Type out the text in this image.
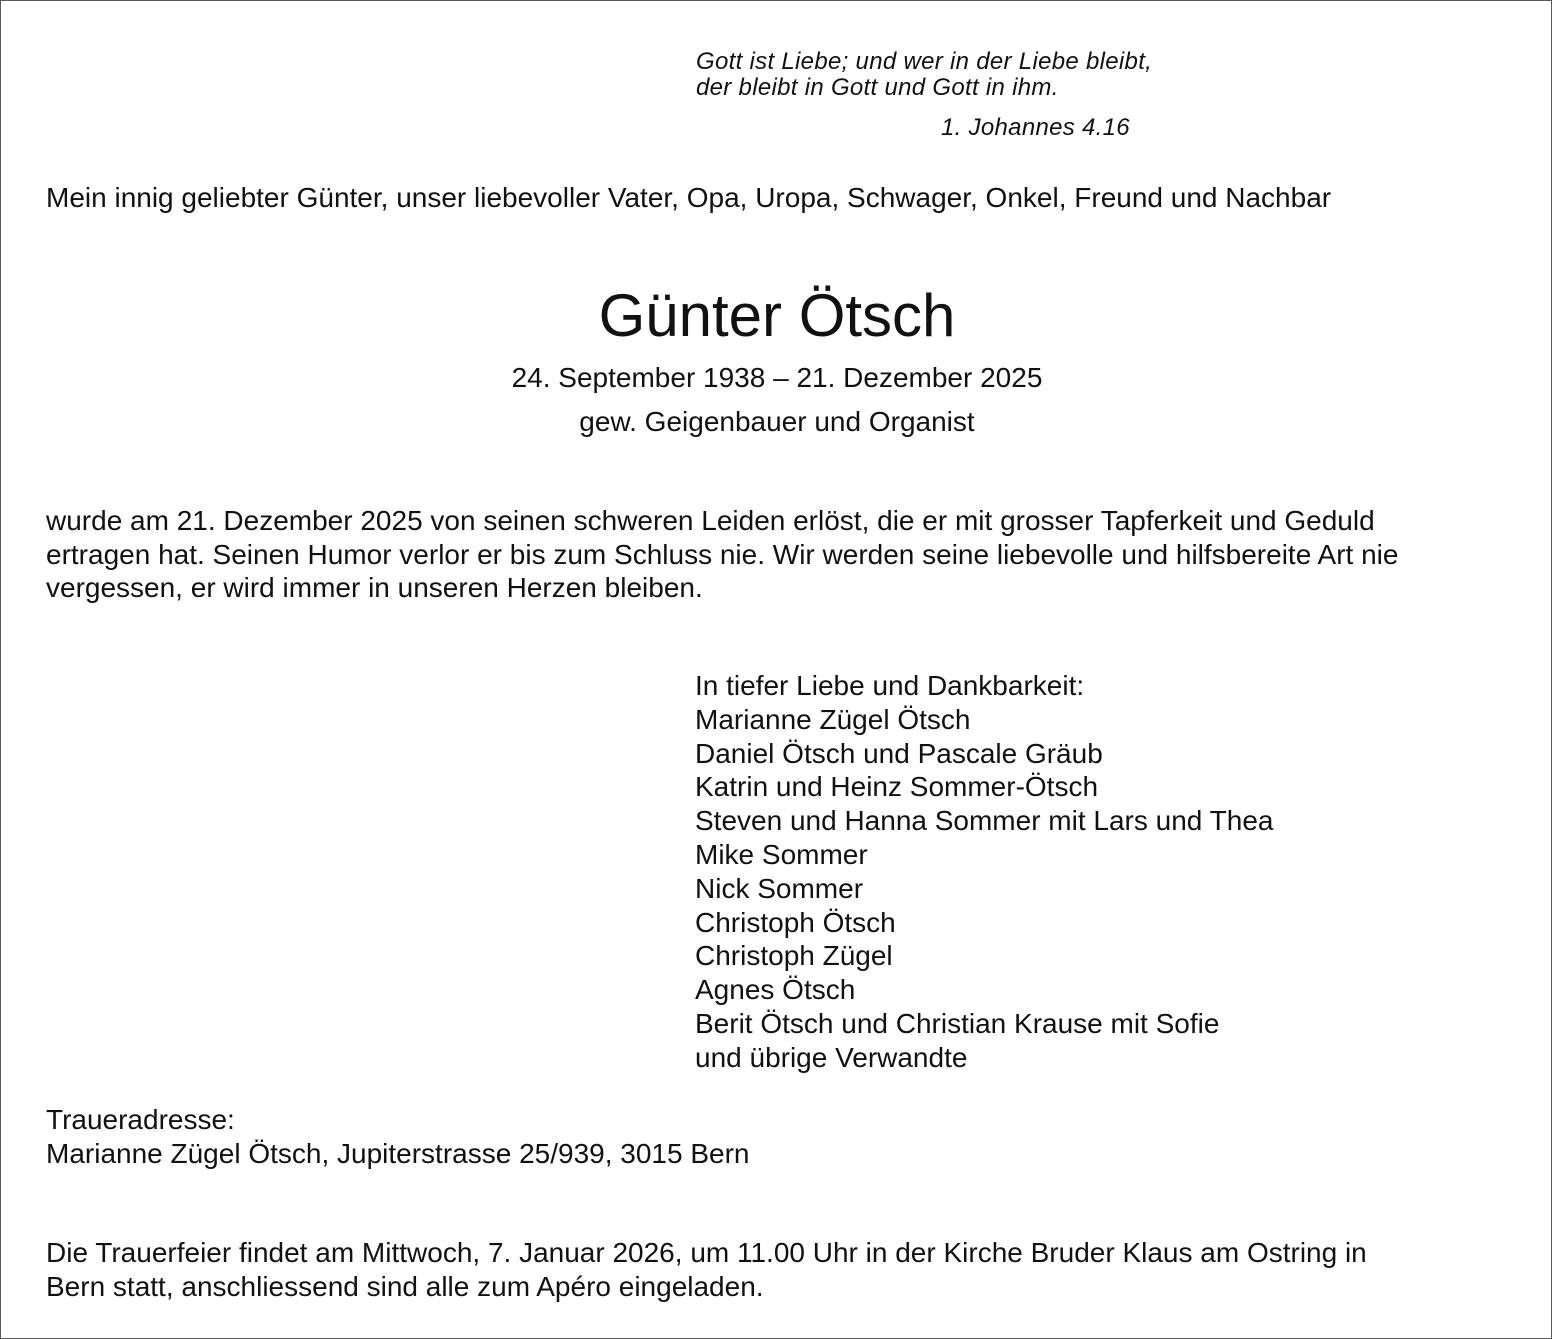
Gott ist Liebe; und wer in der Liebe bleibt,
der bleibt in Gott und Gott in ihm.
1. Johannes 4.16
Mein innig geliebter Günter, unser liebevoller Vater, Opa, Uropa, Schwager, Onkel, Freund und Nachbar
Günter Ötsch
24. September 1938 – 21. Dezember 2025
gew. Geigenbauer und Organist
wurde am 21. Dezember 2025 von seinen schweren Leiden erlöst, die er mit grosser Tapferkeit und Geduld
ertragen hat. Seinen Humor verlor er bis zum Schluss nie. Wir werden seine liebevolle und hilfsbereite Art nie
vergessen, er wird immer in unseren Herzen bleiben.
In tiefer Liebe und Dankbarkeit:
Marianne Zügel Ötsch
Daniel Ötsch und Pascale Gräub
Katrin und Heinz Sommer-Ötsch
Steven und Hanna Sommer mit Lars und Thea
Mike Sommer
Nick Sommer
Christoph Ötsch
Christoph Zügel
Agnes Ötsch
Berit Ötsch und Christian Krause mit Sofie
und übrige Verwandte
Traueradresse:
Marianne Zügel Ötsch, Jupiterstrasse 25/939, 3015 Bern
Die Trauerfeier findet am Mittwoch, 7. Januar 2026, um 11.00 Uhr in der Kirche Bruder Klaus am Ostring in
Bern statt, anschliessend sind alle zum Apéro eingeladen.
